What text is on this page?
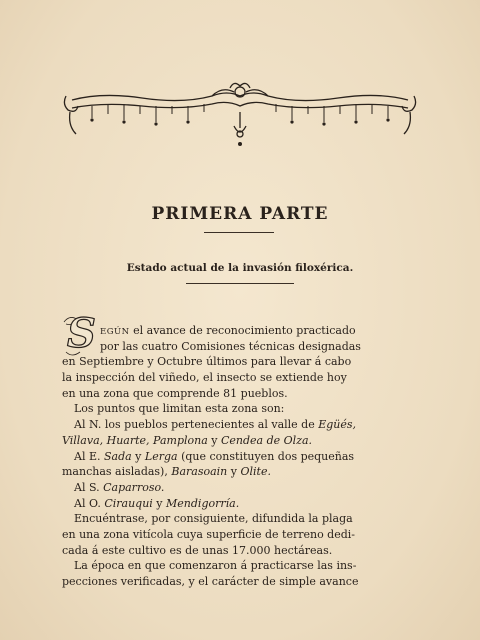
PRIMERA PARTE
Estado actual de la invasión filoxérica.
S EGÚN el avance de reconocimiento practicado
por las cuatro Comisiones técnicas designadas
en Septiembre y Octubre últimos para llevar á cabo
la inspección del viñedo, el insecto se extiende hoy
en una zona que comprende 81 pueblos.
Los puntos que limitan esta zona son:
Al N. los pueblos pertenecientes al valle de Egüés,
Villava, Huarte, Pamplona y Cendea de Olza.
Al E. Sada y Lerga (que constituyen dos pequeñas
manchas aisladas), Barasoain y Olite.
Al S. Caparroso.
Al O. Cirauqui y Mendigorría.
Encuéntrase, por consiguiente, difundida la plaga
en una zona vitícola cuya superficie de terreno dedi-
cada á este cultivo es de unas 17.000 hectáreas.
La época en que comenzaron á practicarse las ins-
pecciones verificadas, y el carácter de simple avance
